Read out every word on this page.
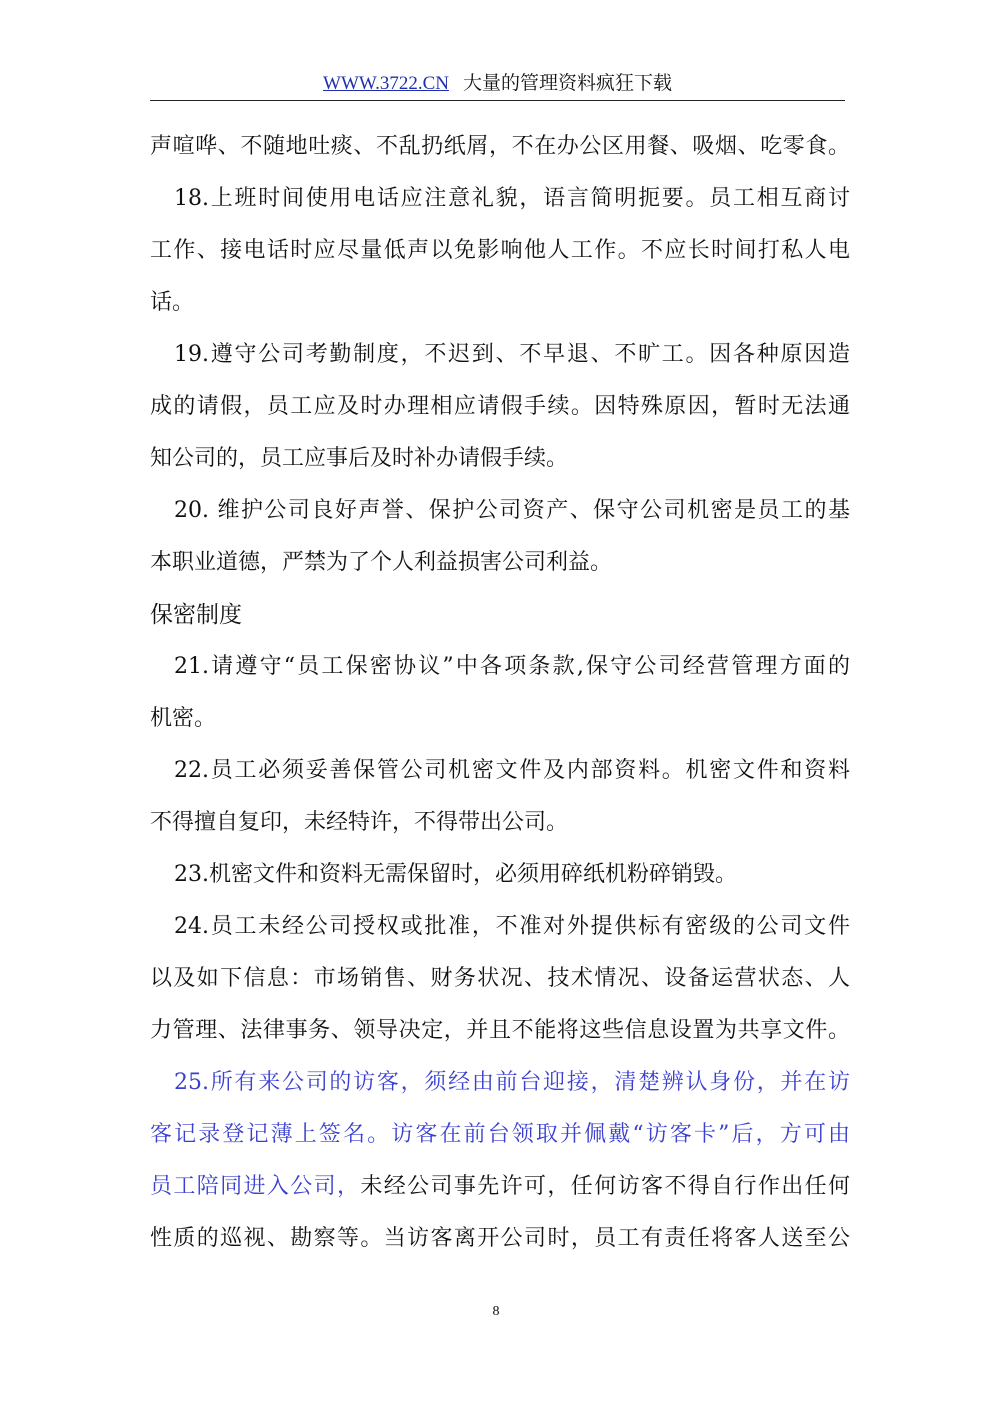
WWW.3722.CN 大量的管理资料疯狂下载
声喧哗、不随地吐痰、不乱扔纸屑，不在办公区用餐、吸烟、吃零食。
18.上班时间使用电话应注意礼貌，语言简明扼要。员工相互商讨
工作、接电话时应尽量低声以免影响他人工作。不应长时间打私人电
话。
19.遵守公司考勤制度，不迟到、不早退、不旷工。因各种原因造
成的请假，员工应及时办理相应请假手续。因特殊原因，暂时无法通
知公司的，员工应事后及时补办请假手续。
20. 维护公司良好声誉、保护公司资产、保守公司机密是员工的基
本职业道德，严禁为了个人利益损害公司利益。
保密制度
21.请遵守“员工保密协议”中各项条款,保守公司经营管理方面的
机密。
22.员工必须妥善保管公司机密文件及内部资料。机密文件和资料
不得擅自复印，未经特许，不得带出公司。
23.机密文件和资料无需保留时，必须用碎纸机粉碎销毁。
24.员工未经公司授权或批准，不准对外提供标有密级的公司文件
以及如下信息：市场销售、财务状况、技术情况、设备运营状态、人
力管理、法律事务、领导决定，并且不能将这些信息设置为共享文件。
25.所有来公司的访客，须经由前台迎接，清楚辨认身份，并在访
客记录登记薄上签名。访客在前台领取并佩戴“访客卡”后，方可由
员工陪同进入公司，未经公司事先许可，任何访客不得自行作出任何
性质的巡视、勘察等。当访客离开公司时，员工有责任将客人送至公
8
